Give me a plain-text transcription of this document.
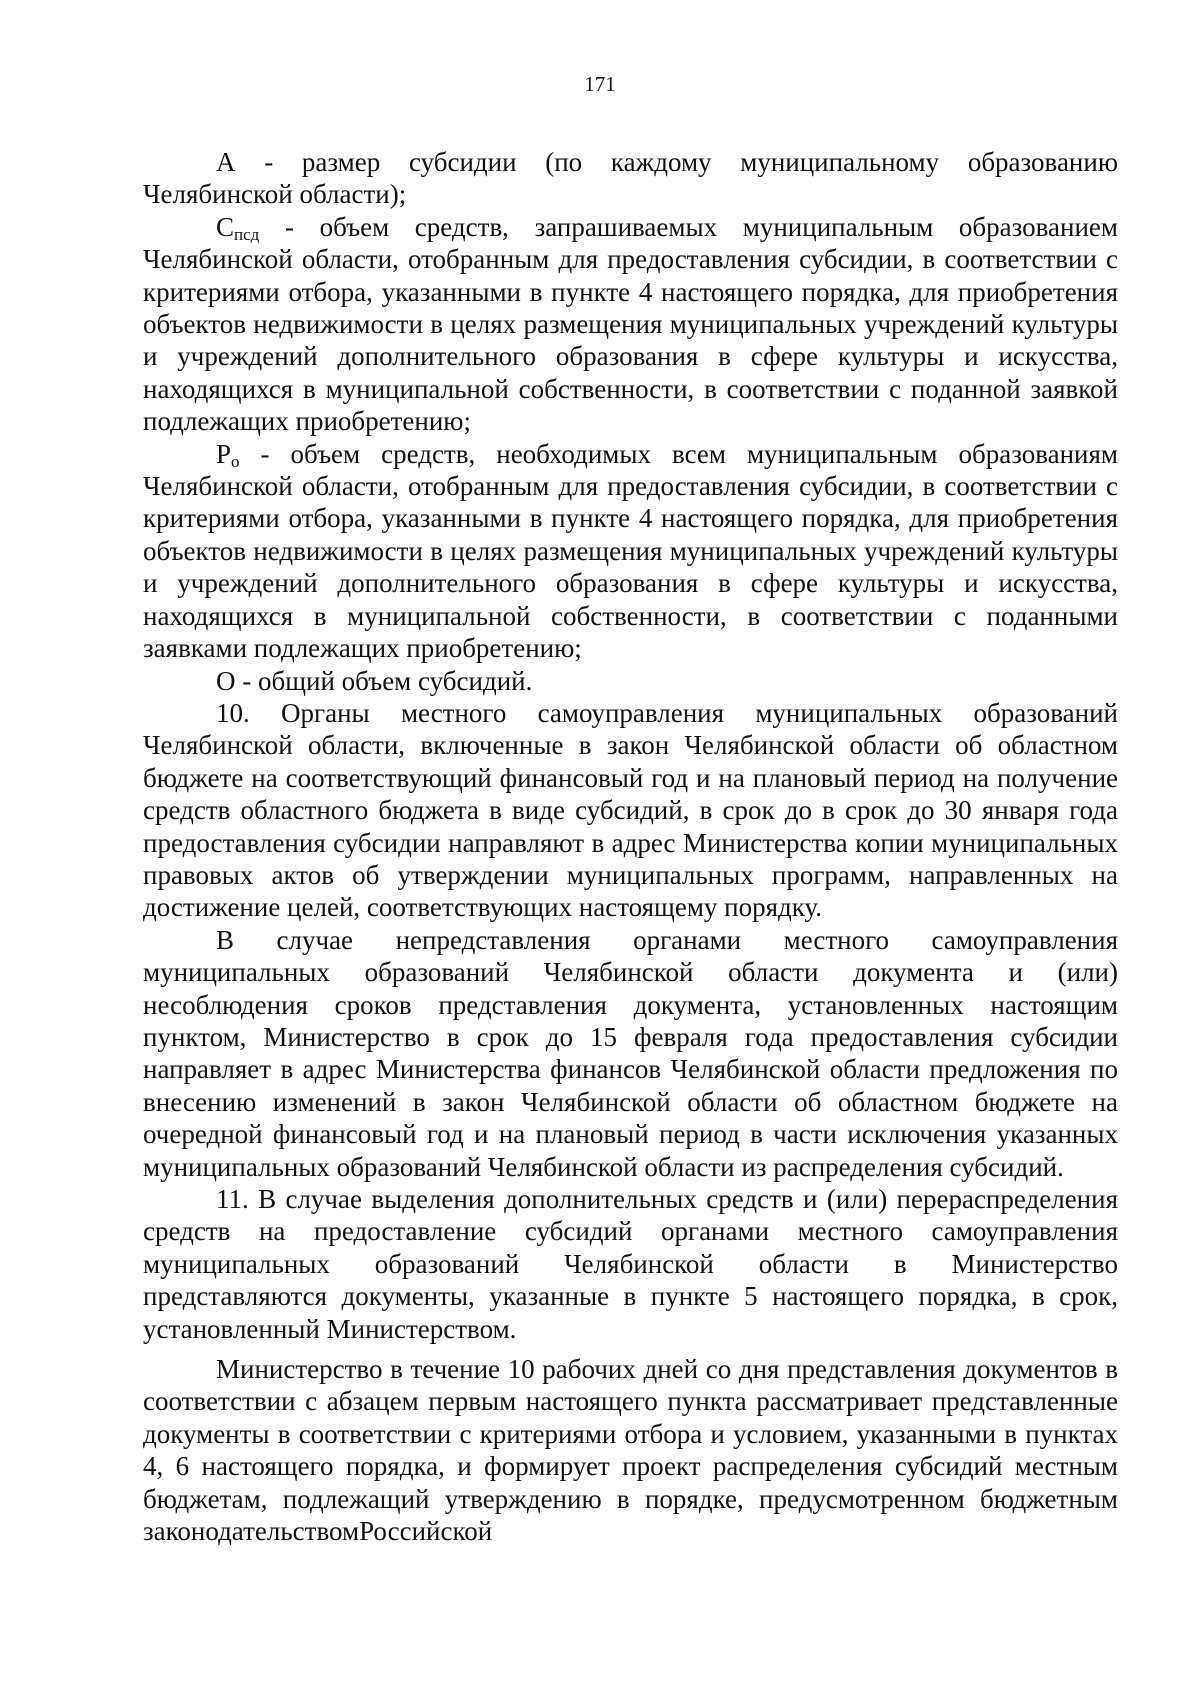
171

А - размер субсидии (по каждому муниципальному образованию Челябинской области);

$С_{псд}$ - объем средств, запрашиваемых муниципальным образованием Челябинской области, отобранным для предоставления субсидии, в соответствии с критериями отбора, указанными в пункте 4 настоящего порядка, для приобретения объектов недвижимости в целях размещения муниципальных учреждений культуры и учреждений дополнительного образования в сфере культуры и искусства, находящихся в муниципальной собственности, в соответствии с поданной заявкой подлежащих приобретению;

$Р_о$ - объем средств, необходимых всем муниципальным образованиям Челябинской области, отобранным для предоставления субсидии, в соответствии с критериями отбора, указанными в пункте 4 настоящего порядка, для приобретения объектов недвижимости в целях размещения муниципальных учреждений культуры и учреждений дополнительного образования в сфере культуры и искусства, находящихся в муниципальной собственности, в соответствии с поданными заявками подлежащих приобретению;

О - общий объем субсидий.

10. Органы местного самоуправления муниципальных образований Челябинской области, включенные в закон Челябинской области об областном бюджете на соответствующий финансовый год и на плановый период на получение средств областного бюджета в виде субсидий, в срок до в срок до 30 января года предоставления субсидии направляют в адрес Министерства копии муниципальных правовых актов об утверждении муниципальных программ, направленных на достижение целей, соответствующих настоящему порядку.

В случае непредставления органами местного самоуправления муниципальных образований Челябинской области документа и (или) несоблюдения сроков представления документа, установленных настоящим пунктом, Министерство в срок до 15 февраля года предоставления субсидии направляет в адрес Министерства финансов Челябинской области предложения по внесению изменений в закон Челябинской области об областном бюджете на очередной финансовый год и на плановый период в части исключения указанных муниципальных образований Челябинской области из распределения субсидий.

11. В случае выделения дополнительных средств и (или) перераспределения средств на предоставление субсидий органами местного самоуправления муниципальных образований Челябинской области в Министерство представляются документы, указанные в пункте 5 настоящего порядка, в срок, установленный Министерством.

Министерство в течение 10 рабочих дней со дня представления документов в соответствии с абзацем первым настоящего пункта рассматривает представленные документы в соответствии с критериями отбора и условием, указанными в пунктах 4, 6 настоящего порядка, и формирует проект распределения субсидий местным бюджетам, подлежащий утверждению в порядке, предусмотренном бюджетным законодательствомРоссийской
